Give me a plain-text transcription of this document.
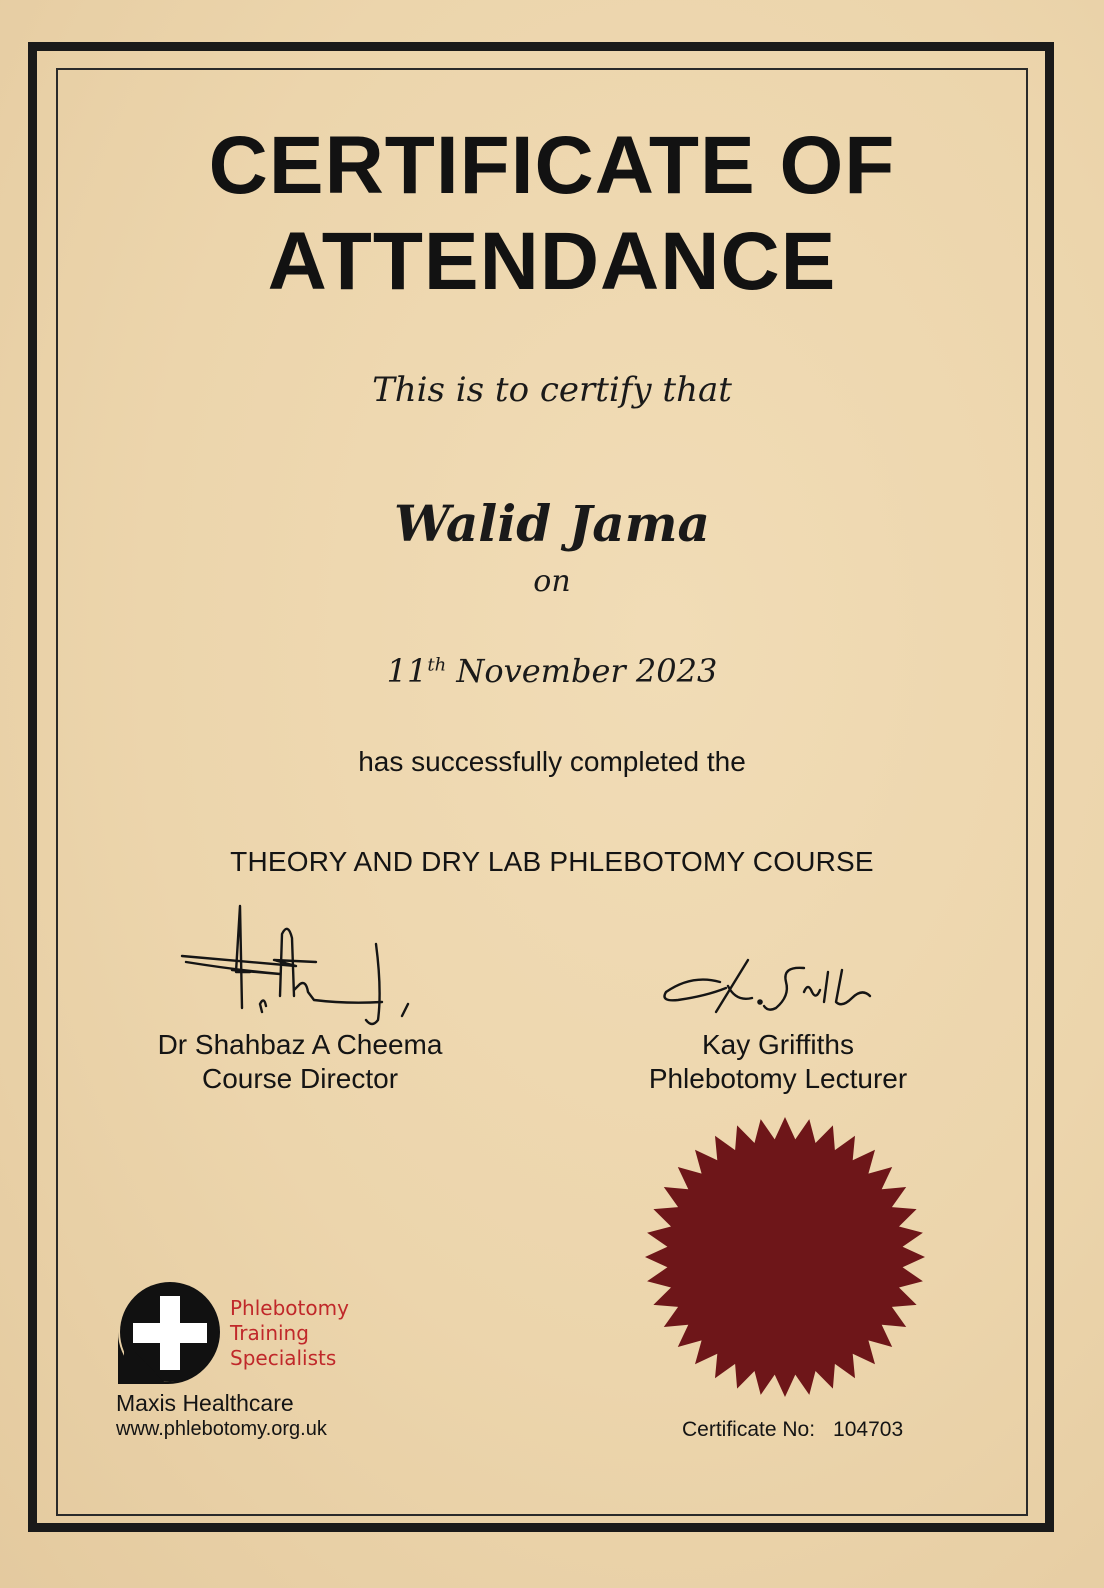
CERTIFICATE OF
ATTENDANCE
This is to certify that
Walid Jama
on
11th November 2023
has successfully completed the
THEORY AND DRY LAB PHLEBOTOMY COURSE
Dr Shahbaz A Cheema
Course Director
Kay Griffiths
Phlebotomy Lecturer
Phlebotomy
Training
Specialists
Maxis Healthcare
www.phlebotomy.org.uk	Certificate No: 104703
